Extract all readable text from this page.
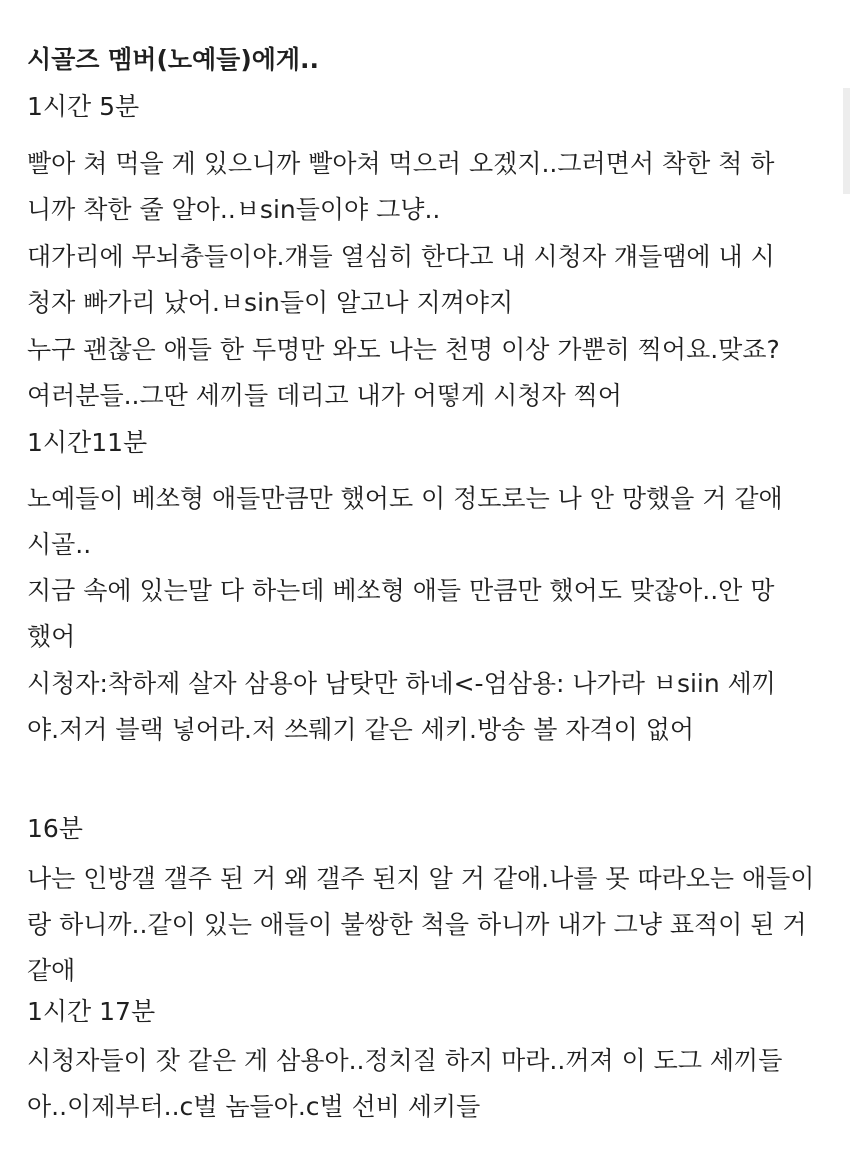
시골즈 멤버(노예들)에게..
1시간 5분

빨아 쳐 먹을 게 있으니까 빨아쳐 먹으러 오겠지..그러면서 착한 척 하
니까 착한 줄 알아..ㅂsin들이야 그냥..

대가리에 무뇌츙들이야.걔들 열심히 한다고 내 시청자 걔들땜에 내 시
청자 빠가리 났어.ㅂsin들이 알고나 지껴야지

누구 괜찮은 애들 한 두명만 와도 나는 천명 이상 가뿐히 찍어요.맞죠?
여러분들..그딴 세끼들 데리고 내가 어떻게 시청자 찍어

1시간11분

노예들이 베쏘형 애들만큼만 했어도 이 정도로는 나 안 망했을 거 같애
시골..

지금 속에 있는말 다 하는데 베쏘형 애들 만큼만 했어도 맞잖아..안 망
했어

시청자:착하제 살자 삼용아 남탓만 하네<-엄삼용: 나가라 ㅂsiin 세끼
야.저거 블랙 넣어라.저 쓰뤠기 같은 세키.방송 볼 자격이 없어

16분

나는 인방갤 갤주 된 거 왜 갤주 된지 알 거 같애.나를 못 따라오는 애들이
랑 하니까..같이 있는 애들이 불쌍한 척을 하니까 내가 그냥 표적이 된 거
같애

1시간 17분

시청자들이 잣 같은 게 삼용아..정치질 하지 마라..꺼져 이 도그 세끼들
아..이제부터..c벌 놈들아.c벌 선비 세키들
